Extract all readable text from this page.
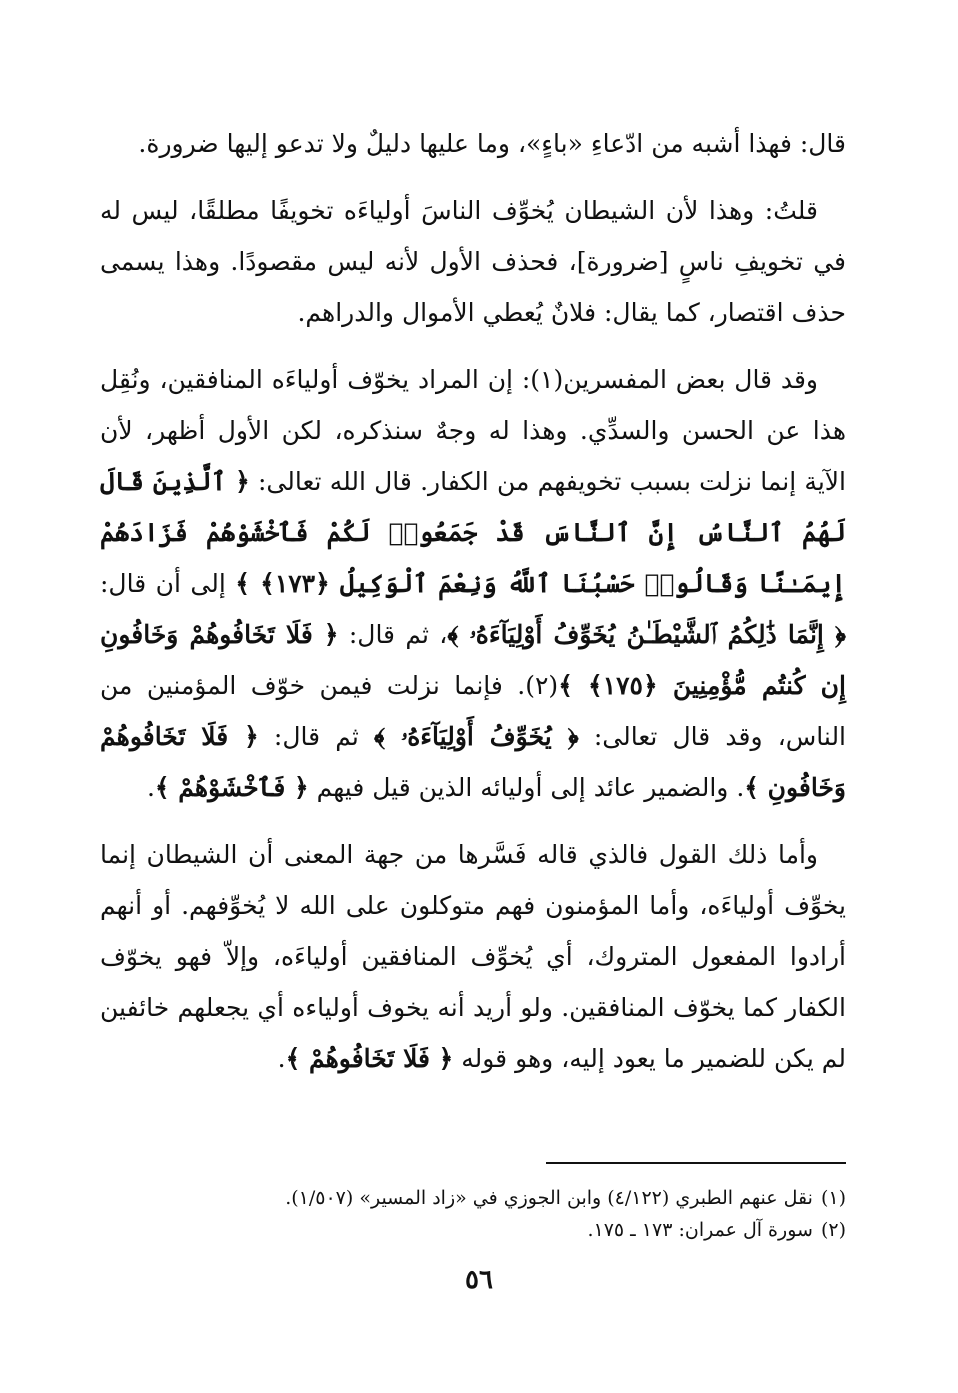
قال: فهذا أشبه من ادّعاءِ «باءٍ»، وما عليها دليلٌ ولا تدعو إليها ضرورة.

قلتُ: وهذا لأن الشيطان يُخوِّف الناسَ أولياءَه تخويفًا مطلقًا، ليس له في تخويفِ ناسٍ [ضرورة]، فحذف الأول لأنه ليس مقصودًا. وهذا يسمى حذف اقتصار، كما يقال: فلانٌ يُعطي الأموال والدراهم.

وقد قال بعض المفسرين(١): إن المراد يخوّف أولياءَه المنافقين، ونُقِل هذا عن الحسن والسدِّي. وهذا له وجهٌ سنذكره، لكن الأول أظهر، لأن الآية إنما نزلت بسبب تخويفهم من الكفار. قال الله تعالى: ﴿ ٱلَّذِينَ قَالَ لَهُمُ ٱلنَّاسُ إِنَّ ٱلنَّاسَ قَدْ جَمَعُوا۟ لَكُمْ فَٱخْشَوْهُمْ فَزَادَهُمْ إِيمَـٰنًا وَقَالُوا۟ حَسْبُنَا ٱللَّهُ وَنِعْمَ ٱلْوَكِيلُ ﴿١٧٣﴾ ﴾ إلى أن قال: ﴿ إِنَّمَا ذَٰلِكُمُ ٱلشَّيْطَـٰنُ يُخَوِّفُ أَوْلِيَآءَهُۥ ﴾، ثم قال: ﴿ فَلَا تَخَافُوهُمْ وَخَافُونِ إِن كُنتُم مُّؤْمِنِينَ ﴿١٧٥﴾ ﴾(٢). فإنما نزلت فيمن خوّف المؤمنين من الناس، وقد قال تعالى: ﴿ يُخَوِّفُ أَوْلِيَآءَهُۥ ﴾ ثم قال: ﴿ فَلَا تَخَافُوهُمْ وَخَافُونِ ﴾. والضمير عائد إلى أوليائه الذين قيل فيهم ﴿ فَٱخْشَوْهُمْ ﴾.

وأما ذلك القول فالذي قاله فَسَّرها من جهة المعنى أن الشيطان إنما يخوِّف أولياءَه، وأما المؤمنون فهم متوكلون على الله لا يُخوِّفهم. أو أنهم أرادوا المفعول المتروك، أي يُخوِّف المنافقين أولياءَه، وإلاّ فهو يخوّف الكفار كما يخوّف المنافقين. ولو أريد أنه يخوف أولياءه أي يجعلهم خائفين لم يكن للضمير ما يعود إليه، وهو قوله ﴿ فَلَا تَخَافُوهُمْ ﴾.

(١)نقل عنهم الطبري (٤/١٢٢) وابن الجوزي في «زاد المسير» (١/٥٠٧).
(٢)سورة آل عمران: ١٧٣ ـ ١٧٥.
٥٦
